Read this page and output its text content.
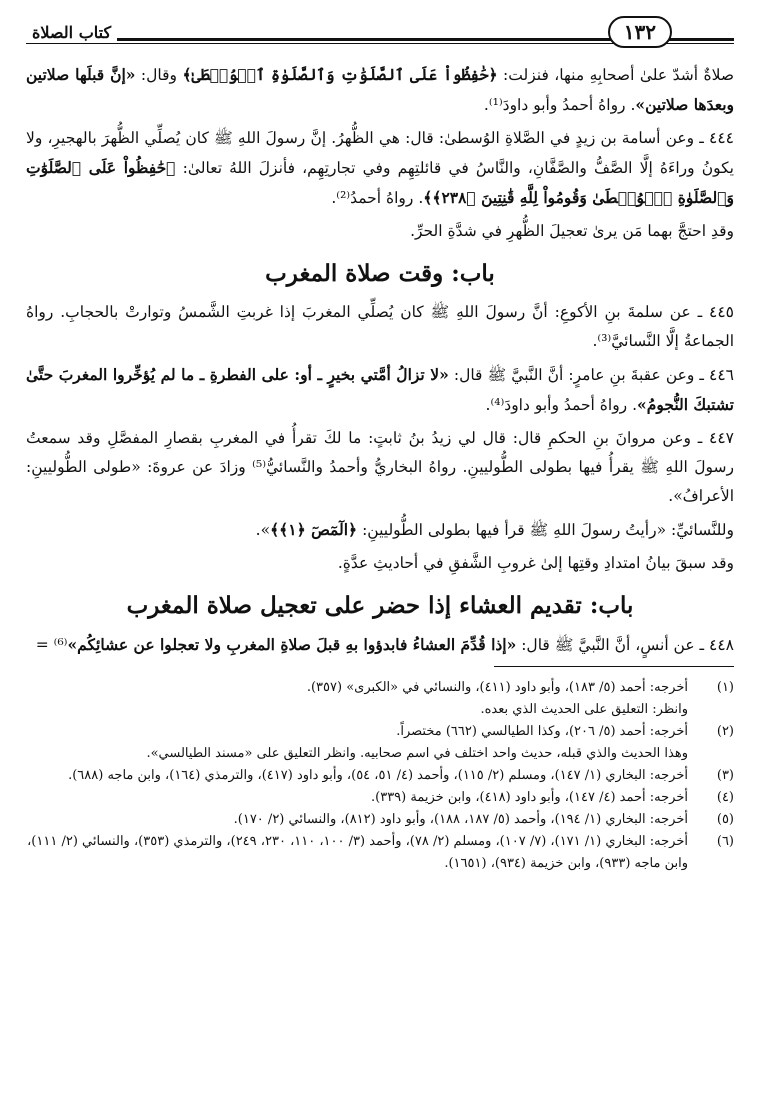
١٣٢
كتاب الصلاة

صلاةٌ أشدّ علىٰ أصحابِهِ منها، فنزلت: ﴿حَٰفِظُواْ عَلَى ٱلصَّلَوَٰتِ وَٱلصَّلَوٰةِ ٱلۡوُسۡطَىٰ﴾ وقال: «إنَّ قبلَها صلاتين وبعدَها صلاتين». رواهُ أحمدُ وأبو داودَ⁽¹⁾.

٤٤٤ ـ وعن أسامة بن زيدٍ في الصَّلاةِ الوُسطىٰ: قال: هي الظُّهرُ. إنَّ رسولَ اللهِ ﷺ كان يُصلِّي الظُّهرَ بالهجيرِ، ولا يكونُ وراءَهُ إلَّا الصَّفُّ والصَّفَّانِ، والنَّاسُ في قائلتِهِم وفي تجارتِهِم، فأنزلَ اللهُ تعالىٰ: ﴿حَٰفِظُواْ عَلَى ٱلصَّلَوَٰتِ وَٱلصَّلَوٰةِ ٱلۡوُسۡطَىٰ وَقُومُواْ لِلَّهِ قَٰنِتِينَ ﴿٢٣٨﴾﴾. رواهُ أحمدُ⁽²⁾.

وقدِ احتجَّ بهما مَن يرىٰ تعجيلَ الظُّهرِ في شدَّةِ الحرِّ.

باب: وقت صلاة المغرب

٤٤٥ ـ عن سلمةَ بنِ الأكوعِ: أنَّ رسولَ اللهِ ﷺ كان يُصلِّي المغربَ إذا غربتِ الشَّمسُ وتوارتْ بالحجابِ. رواهُ الجماعةُ إلَّا النَّسائيَّ⁽³⁾.

٤٤٦ ـ وعن عقبةَ بنِ عامرٍ: أنَّ النَّبيَّ ﷺ قال: «لا تزالُ أمَّتي بخيرٍ ـ أو: على الفطرةِ ـ ما لم يُؤخِّروا المغربَ حتَّىٰ تشتبكَ النُّجومُ». رواهُ أحمدُ وأبو داودَ⁽⁴⁾.

٤٤٧ ـ وعن مروانَ بنِ الحكمِ قال: قال لي زيدُ بنُ ثابتٍ: ما لكَ تقرأُ في المغربِ بقصارِ المفصَّلِ وقد سمعتُ رسولَ اللهِ ﷺ يقرأُ فيها بطولى الطُّوليينِ. رواهُ البخاريُّ وأحمدُ والنَّسائيُّ⁽⁵⁾ وزادَ عن عروةَ: «طولى الطُّوليينِ: الأعرافُ».

وللنَّسائيِّ: «رأيتُ رسولَ اللهِ ﷺ قرأ فيها بطولى الطُّوليينِ: ﴿الٓمٓصٓ ﴿١﴾﴾».

وقد سبقَ بيانُ امتدادِ وقتِها إلىٰ غروبِ الشَّفقِ في أحاديثِ عدَّةٍ.

باب: تقديم العشاء إذا حضر على تعجيل صلاة المغرب

٤٤٨ ـ عن أنسٍ، أنَّ النَّبيَّ ﷺ قال: «إذا قُدِّمَ العشاءُ فابدؤوا بهِ قبلَ صلاةِ المغربِ ولا تعجلوا عن عشائِكُم»⁽⁶⁾ =

(١)
أخرجه: أحمد (٥/ ١٨٣)، وأبو داود (٤١١)، والنسائي في «الكبرى» (٣٥٧).
وانظر: التعليق على الحديث الذي بعده.
(٢)
أخرجه: أحمد (٥/ ٢٠٦)، وكذا الطيالسي (٦٦٢) مختصراً.
وهذا الحديث والذي قبله، حديث واحد اختلف في اسم صحابيه. وانظر التعليق على «مسند الطيالسي».
(٣)
أخرجه: البخاري (١/ ١٤٧)، ومسلم (٢/ ١١٥)، وأحمد (٤/ ٥١، ٥٤)، وأبو داود (٤١٧)، والترمذي (١٦٤)، وابن ماجه (٦٨٨).
(٤)
أخرجه: أحمد (٤/ ١٤٧)، وأبو داود (٤١٨)، وابن خزيمة (٣٣٩).
(٥)
أخرجه: البخاري (١/ ١٩٤)، وأحمد (٥/ ١٨٧، ١٨٨)، وأبو داود (٨١٢)، والنسائي (٢/ ١٧٠).
(٦)
أخرجه: البخاري (١/ ١٧١)، (٧/ ١٠٧)، ومسلم (٢/ ٧٨)، وأحمد (٣/ ١٠٠، ١١٠، ٢٣٠، ٢٤٩)، والترمذي (٣٥٣)، والنسائي (٢/ ١١١)، وابن ماجه (٩٣٣)، وابن خزيمة (٩٣٤)، (١٦٥١).
